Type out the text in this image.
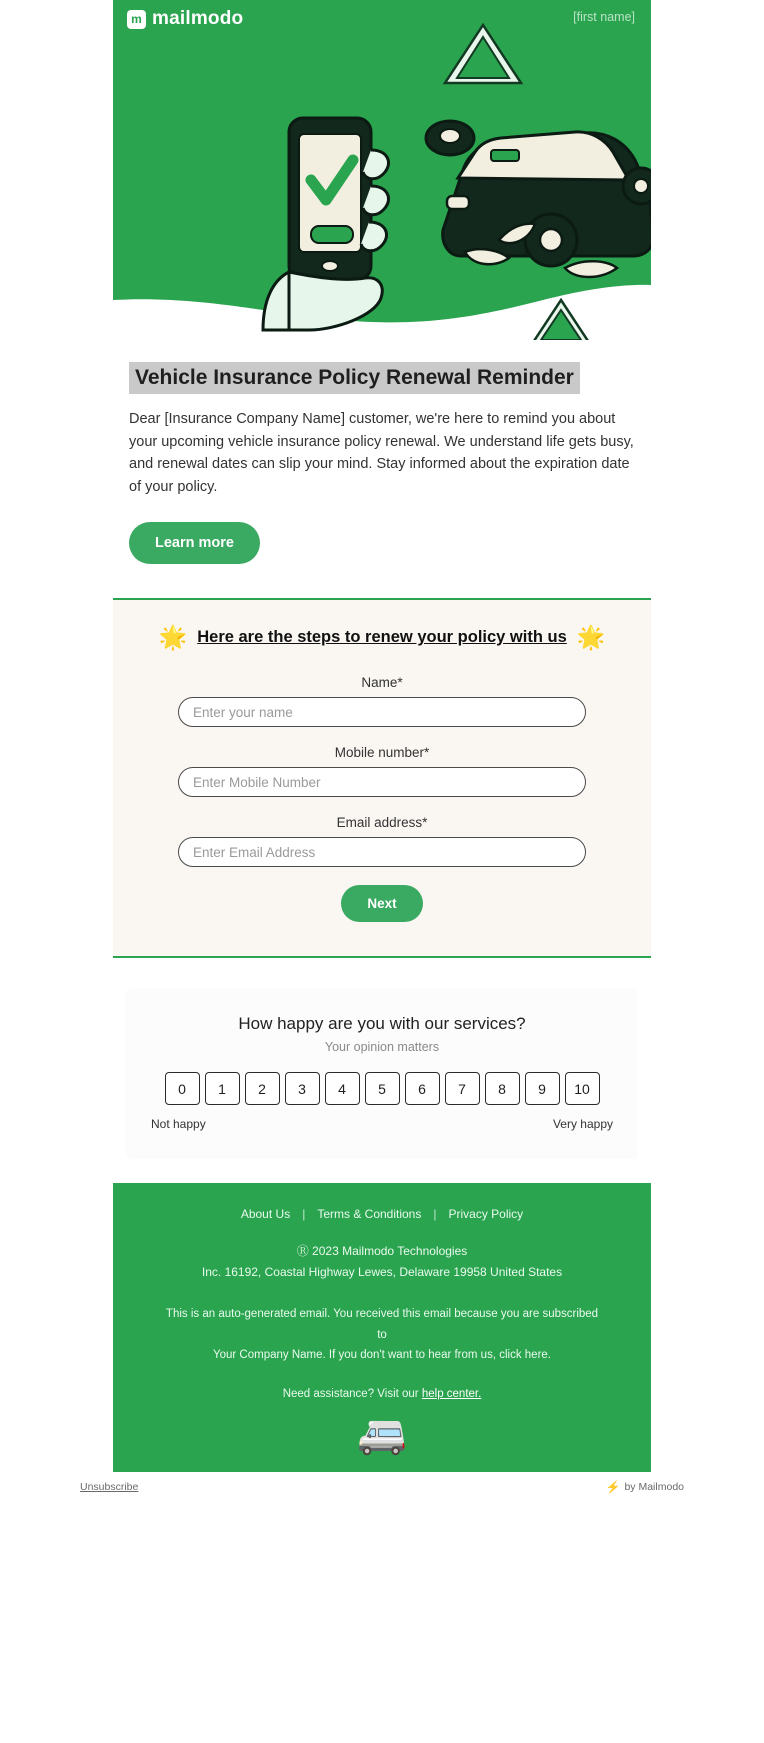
m mailmodo	[first name]
Vehicle Insurance Policy Renewal Reminder

Dear [Insurance Company Name] customer, we're here to remind you about your upcoming vehicle insurance policy renewal. We understand life gets busy, and renewal dates can slip your mind. Stay informed about the expiration date of your policy.

Learn more
🌟 Here are the steps to renew your policy with us 🌟
Name*
Enter your name
Mobile number*
Enter Mobile Number
Email address*
Enter Email Address
Next
How happy are you with our services?
Your opinion matters
0	1	2	3	4	5	6	7	8	9	10
Not happy	Very happy
About Us | Terms & Conditions | Privacy Policy
Ⓡ 2023 Mailmodo Technologies
Inc. 16192, Coastal Highway Lewes, Delaware 19958 United States
This is an auto-generated email. You received this email because you are subscribed to
Your Company Name. If you don't want to hear from us, click here.
Need assistance? Visit our help center.
🚐
Unsubscribe	⚡ by Mailmodo
